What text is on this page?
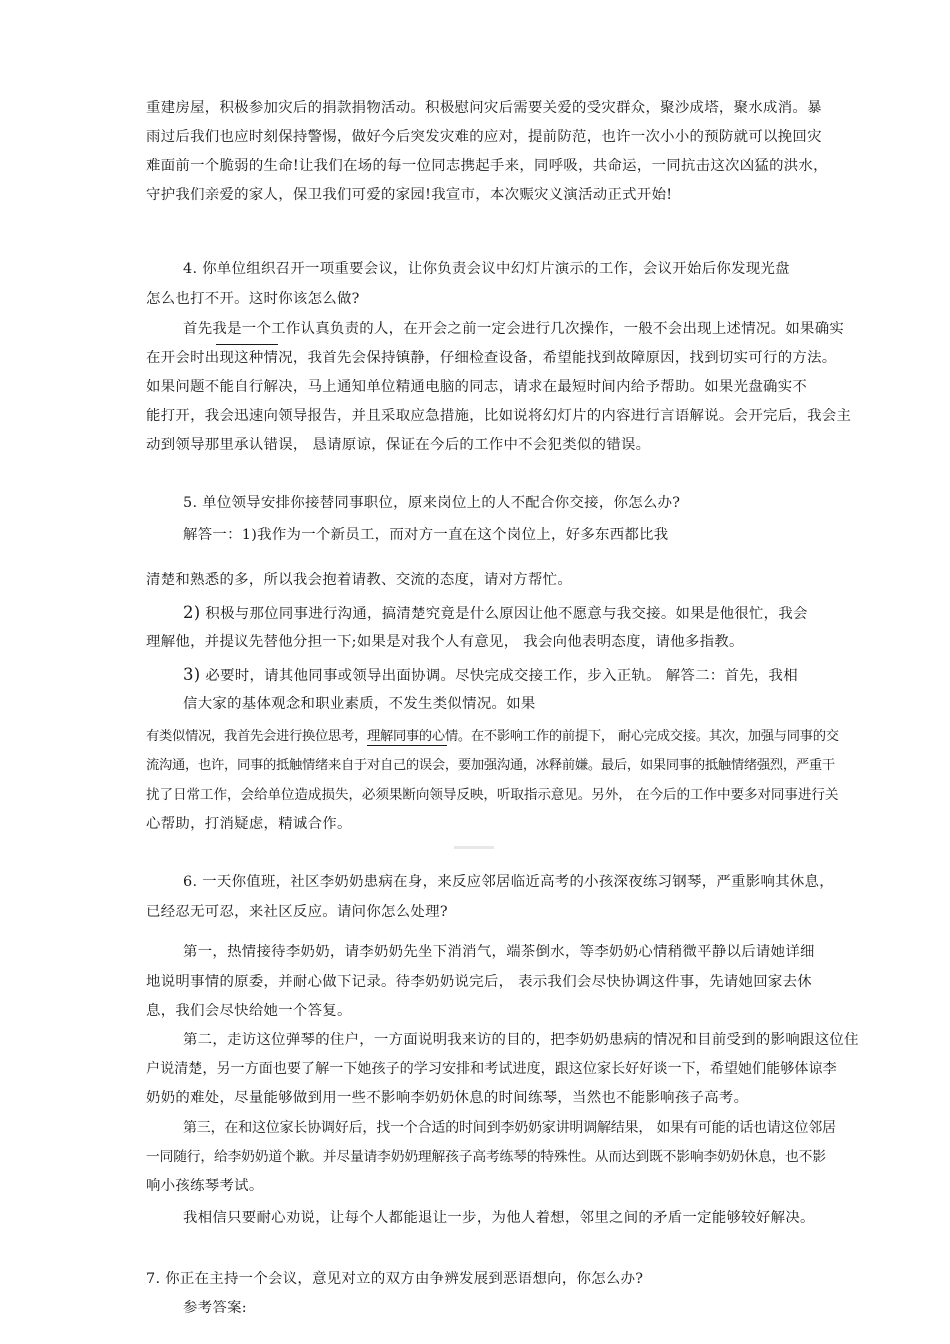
重建房屋，积极参加灾后的捐款捐物活动。积极慰问灾后需要关爱的受灾群众，聚沙成塔，聚水成消。暴
雨过后我们也应时刻保持警惕，做好今后突发灾难的应对，提前防范，也许一次小小的预防就可以挽回灾
难面前一个脆弱的生命!让我们在场的每一位同志携起手来，同呼吸，共命运，一同抗击这次凶猛的洪水，
守护我们亲爱的家人，保卫我们可爱的家园!我宣市，本次赈灾义演活动正式开始!
4. 你单位组织召开一项重要会议，让你负责会议中幻灯片演示的工作，会议开始后你发现光盘
怎么也打不开。这时你该怎么做?
首先我是一个工作认真负责的人，在开会之前一定会进行几次操作，一般不会出现上述情况。如果确实
在开会时出现这种情况，我首先会保持镇静，仔细检查设备，希望能找到故障原因，找到切实可行的方法。
如果问题不能自行解决，马上通知单位精通电脑的同志，请求在最短时间内给予帮助。如果光盘确实不
能打开，我会迅速向领导报告，并且采取应急措施，比如说将幻灯片的内容进行言语解说。会开完后，我会主
动到领导那里承认错误， 恳请原谅，保证在今后的工作中不会犯类似的错误。
5. 单位领导安排你接替同事职位，原来岗位上的人不配合你交接，你怎么办?
解答一：1)我作为一个新员工，而对方一直在这个岗位上，好多东西都比我
清楚和熟悉的多，所以我会抱着请教、交流的态度，请对方帮忙。
2) 积极与那位同事进行沟通，搞清楚究竟是什么原因让他不愿意与我交接。如果是他很忙，我会
理解他，并提议先替他分担一下;如果是对我个人有意见， 我会向他表明态度，请他多指教。
3) 必要时，请其他同事或领导出面协调。尽快完成交接工作，步入正轨。 解答二：首先，我相
信大家的基体观念和职业素质，不发生类似情况。如果
有类似情况，我首先会进行换位思考，理解同事的心情。在不影响工作的前提下， 耐心完成交接。其次，加强与同事的交
流沟通，也许，同事的抵触情绪来自于对自己的误会，要加强沟通，冰释前嫌。最后，如果同事的抵触情绪强烈，严重干
扰了日常工作，会给单位造成损失，必须果断向领导反映，听取指示意见。另外， 在今后的工作中要多对同事进行关
心帮助，打消疑虑，精诚合作。
6. 一天你值班，社区李奶奶患病在身，来反应邻居临近高考的小孩深夜练习钢琴，严重影响其休息，
已经忍无可忍，来社区反应。请问你怎么处理?
第一，热情接待李奶奶，请李奶奶先坐下消消气，端茶倒水，等李奶奶心情稍微平静以后请她详细
地说明事情的原委，并耐心做下记录。待李奶奶说完后， 表示我们会尽快协调这件事，先请她回家去休
息，我们会尽快给她一个答复。
第二，走访这位弹琴的住户，一方面说明我来访的目的，把李奶奶患病的情况和目前受到的影响跟这位住
户说清楚，另一方面也要了解一下她孩子的学习安排和考试进度，跟这位家长好好谈一下，希望她们能够体谅李
奶奶的难处，尽量能够做到用一些不影响李奶奶休息的时间练琴，当然也不能影响孩子高考。
第三，在和这位家长协调好后，找一个合适的时间到李奶奶家讲明调解结果， 如果有可能的话也请这位邻居
一同随行，给李奶奶道个歉。并尽量请李奶奶理解孩子高考练琴的特殊性。从而达到既不影响李奶奶休息，也不影
响小孩练琴考试。
我相信只要耐心劝说，让每个人都能退让一步，为他人着想，邻里之间的矛盾一定能够较好解决。
7. 你正在主持一个会议，意见对立的双方由争辨发展到恶语想向，你怎么办?
参考答案:
